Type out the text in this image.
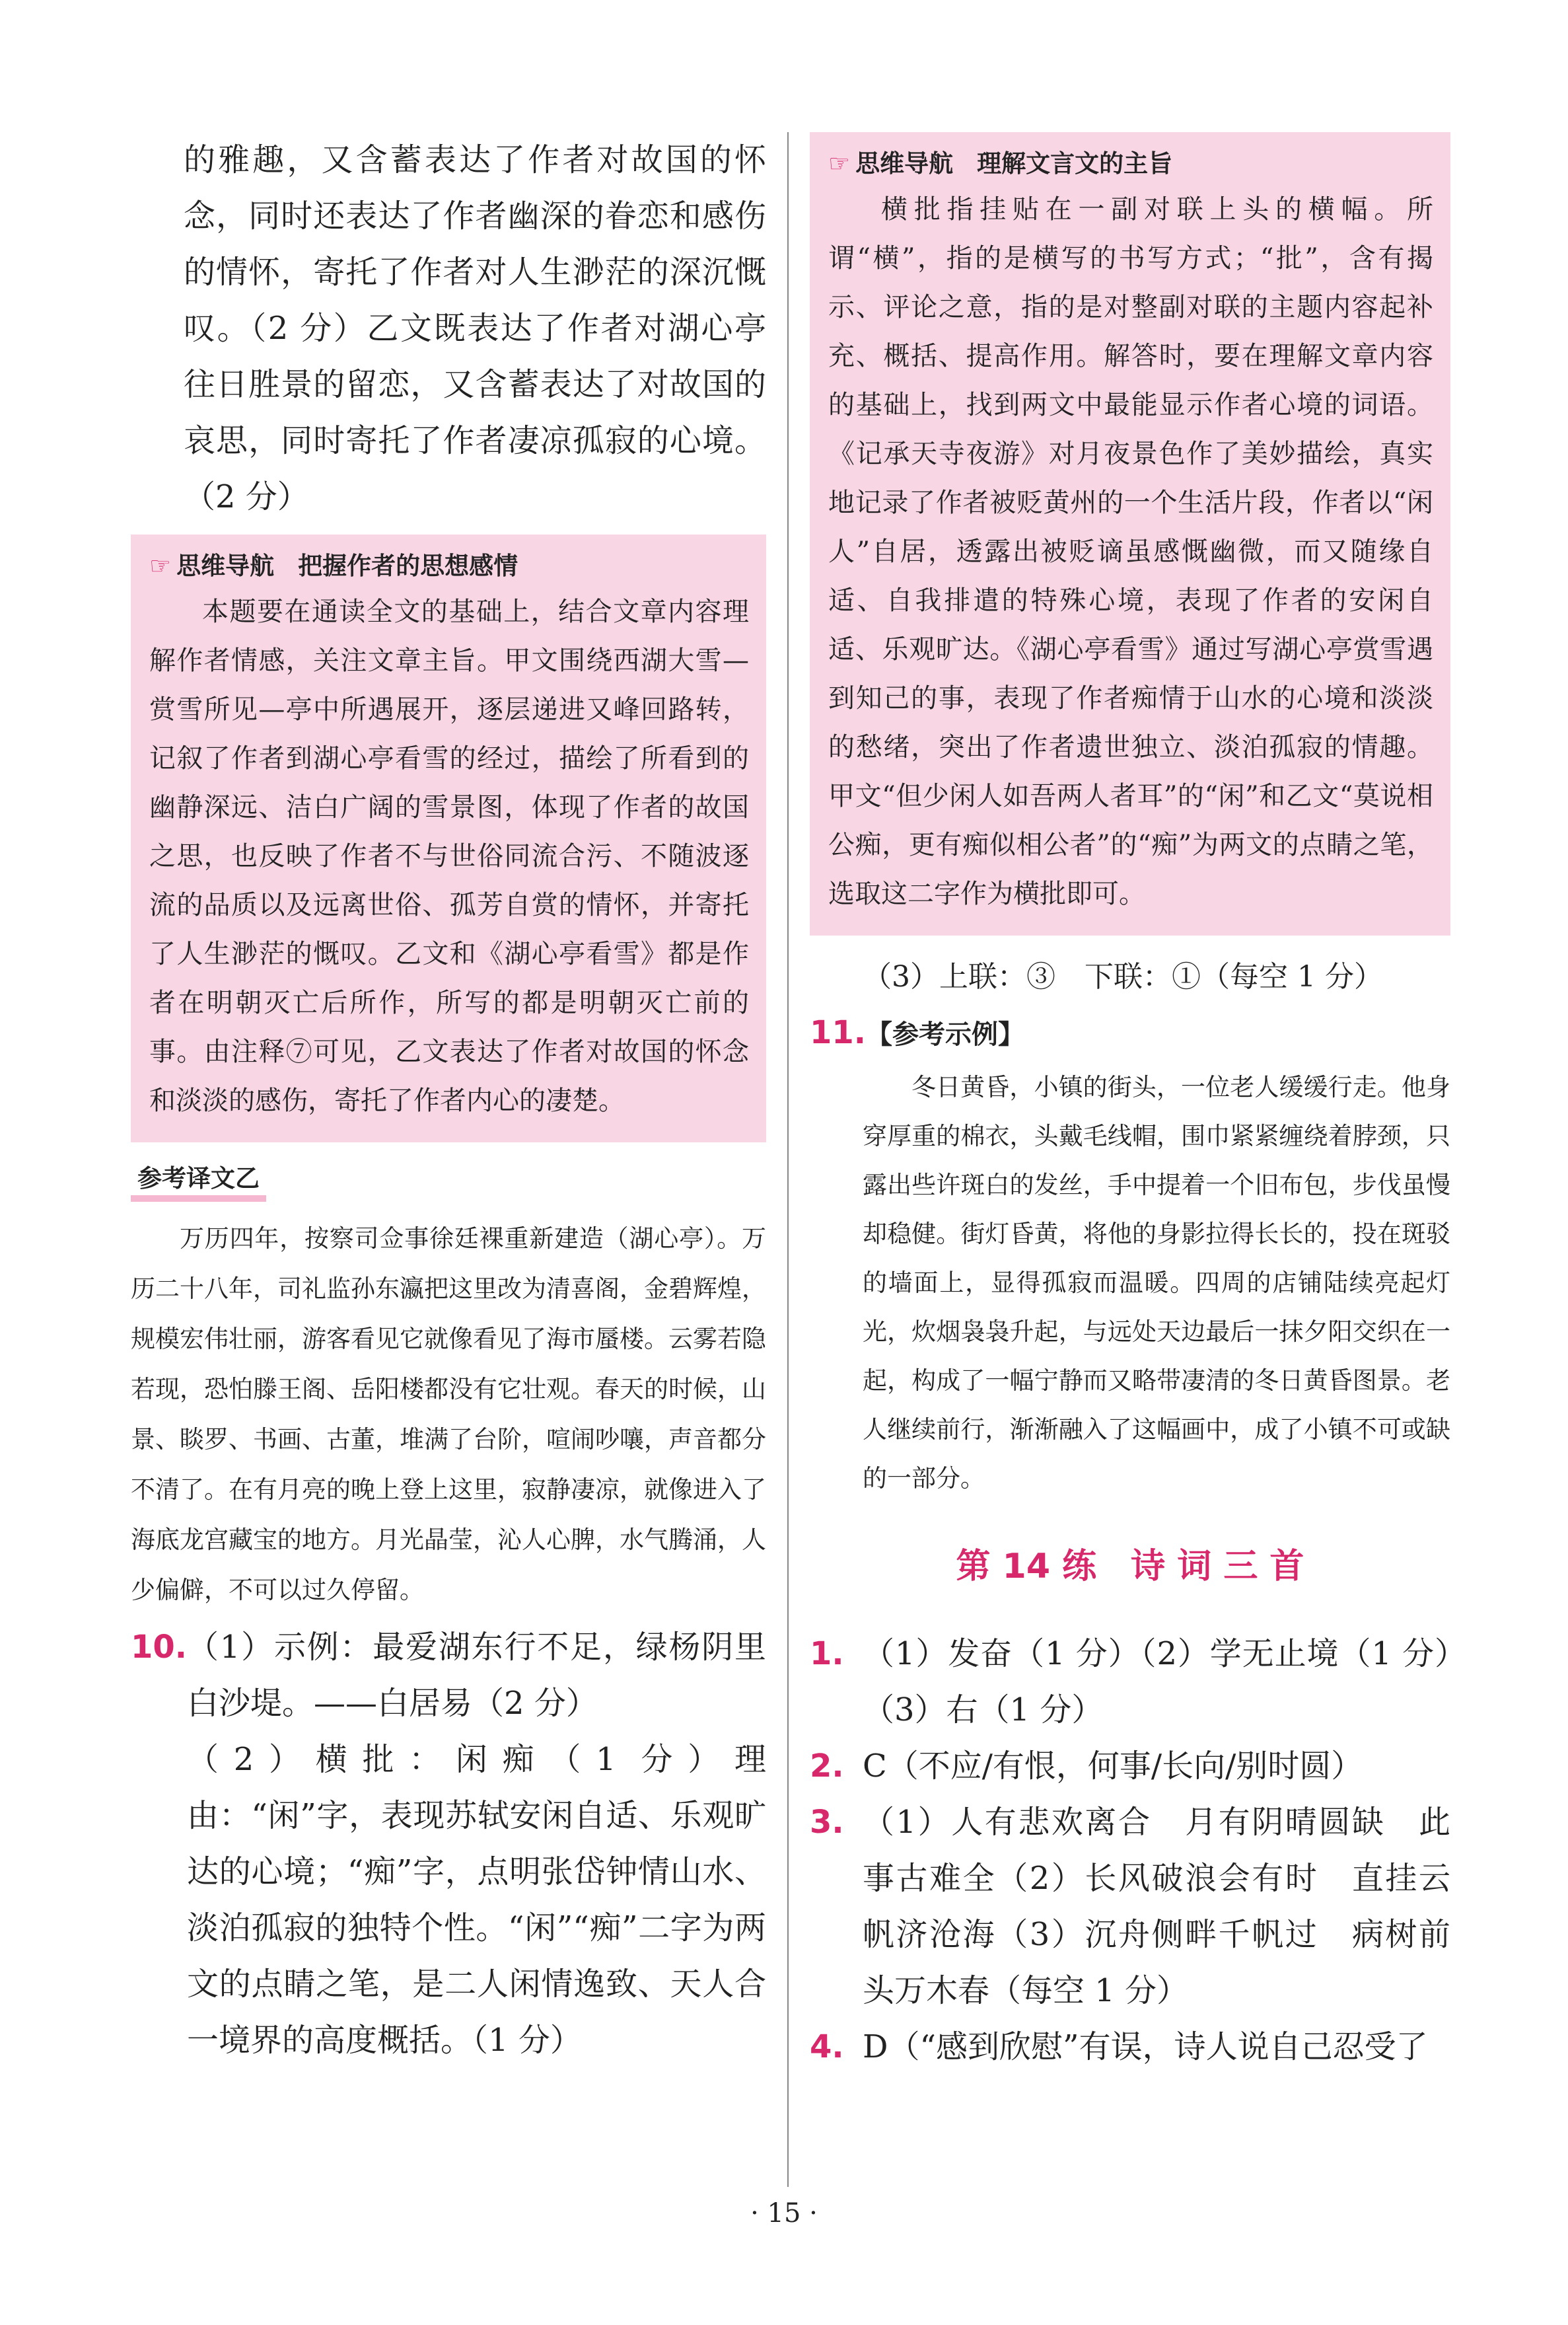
的雅趣，又含蓄表达了作者对故国的怀念，同时还表达了作者幽深的眷恋和感伤的情怀，寄托了作者对人生渺茫的深沉慨叹。（2 分）乙文既表达了作者对湖心亭往日胜景的留恋，又含蓄表达了对故国的哀思，同时寄托了作者凄凉孤寂的心境。（2 分）

☞ 思维导航 把握作者的思想感情

本题要在通读全文的基础上，结合文章内容理解作者情感，关注文章主旨。甲文围绕西湖大雪—赏雪所见—亭中所遇展开，逐层递进又峰回路转，记叙了作者到湖心亭看雪的经过，描绘了所看到的幽静深远、洁白广阔的雪景图，体现了作者的故国之思，也反映了作者不与世俗同流合污、不随波逐流的品质以及远离世俗、孤芳自赏的情怀，并寄托了人生渺茫的慨叹。乙文和《湖心亭看雪》都是作者在明朝灭亡后所作，所写的都是明朝灭亡前的事。由注释⑦可见，乙文表达了作者对故国的怀念和淡淡的感伤，寄托了作者内心的凄楚。

参考译文乙

万历四年，按察司佥事徐廷裸重新建造（湖心亭）。万历二十八年，司礼监孙东瀛把这里改为清喜阁，金碧辉煌，规模宏伟壮丽，游客看见它就像看见了海市蜃楼。云雾若隐若现，恐怕滕王阁、岳阳楼都没有它壮观。春天的时候，山景、睒罗、书画、古董，堆满了台阶，喧闹吵嚷，声音都分不清了。在有月亮的晚上登上这里，寂静凄凉，就像进入了海底龙宫藏宝的地方。月光晶莹，沁人心脾，水气腾涌，人少偏僻，不可以过久停留。

10. （1）示例：最爱湖东行不足，绿杨阴里白沙堤。——白居易（2 分）

（2）横批：闲痴（1 分）理由：“闲”字，表现苏轼安闲自适、乐观旷达的心境；“痴”字，点明张岱钟情山水、淡泊孤寂的独特个性。“闲”“痴”二字为两文的点睛之笔，是二人闲情逸致、天人合一境界的高度概括。（1 分）

☞ 思维导航 理解文言文的主旨

横批指挂贴在一副对联上头的横幅。所谓“横”，指的是横写的书写方式；“批”，含有揭示、评论之意，指的是对整副对联的主题内容起补充、概括、提高作用。解答时，要在理解文章内容的基础上，找到两文中最能显示作者心境的词语。《记承天寺夜游》对月夜景色作了美妙描绘，真实地记录了作者被贬黄州的一个生活片段，作者以“闲人”自居，透露出被贬谪虽感慨幽微，而又随缘自适、自我排遣的特殊心境，表现了作者的安闲自适、乐观旷达。《湖心亭看雪》通过写湖心亭赏雪遇到知己的事，表现了作者痴情于山水的心境和淡淡的愁绪，突出了作者遗世独立、淡泊孤寂的情趣。甲文“但少闲人如吾两人者耳”的“闲”和乙文“莫说相公痴，更有痴似相公者”的“痴”为两文的点睛之笔，选取这二字作为横批即可。

（3）上联：③　下联：①（每空 1 分）

11. 【参考示例】

冬日黄昏，小镇的街头，一位老人缓缓行走。他身穿厚重的棉衣，头戴毛线帽，围巾紧紧缠绕着脖颈，只露出些许斑白的发丝，手中提着一个旧布包，步伐虽慢却稳健。街灯昏黄，将他的身影拉得长长的，投在斑驳的墙面上，显得孤寂而温暖。四周的店铺陆续亮起灯光，炊烟袅袅升起，与远处天边最后一抹夕阳交织在一起，构成了一幅宁静而又略带凄清的冬日黄昏图景。老人继续前行，渐渐融入了这幅画中，成了小镇不可或缺的一部分。

第 14 练　诗 词 三 首
1. （1）发奋（1 分）（2）学无止境（1 分）（3）右（1 分）
2. C（不应/有恨，何事/长向/别时圆）
3. （1）人有悲欢离合　月有阴晴圆缺　此事古难全（2）长风破浪会有时　直挂云帆济沧海（3）沉舟侧畔千帆过　病树前头万木春（每空 1 分）
4. D（“感到欣慰”有误，诗人说自己忍受了
· 15 ·
